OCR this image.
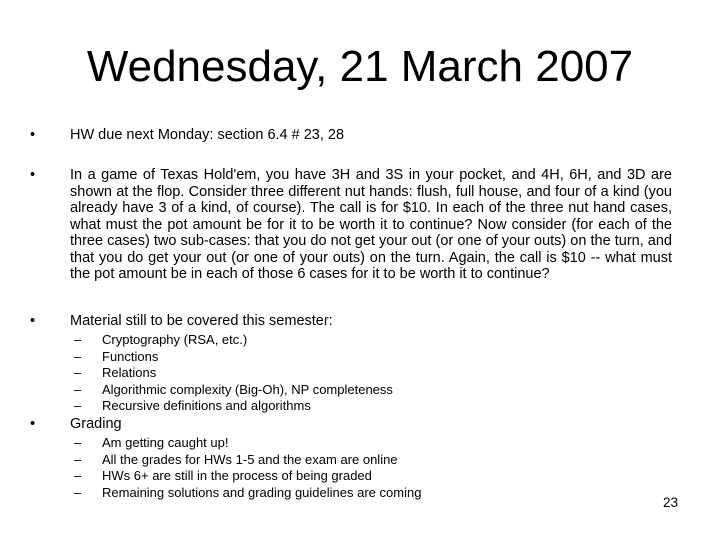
Wednesday, 21 March 2007
• HW due next Monday: section 6.4 # 23, 28
• In a game of Texas Hold'em, you have 3H and 3S in your pocket, and 4H, 6H, and 3D are shown at the flop. Consider three different nut hands: flush, full house, and four of a kind (you already have 3 of a kind, of course). The call is for $10. In each of the three nut hand cases, what must the pot amount be for it to be worth it to continue? Now consider (for each of the three cases) two sub-cases: that you do not get your out (or one of your outs) on the turn, and that you do get your out (or one of your outs) on the turn. Again, the call is $10 -- what must the pot amount be in each of those 6 cases for it to be worth it to continue?
• Material still to be covered this semester:
– Cryptography (RSA, etc.)
– Functions
– Relations
– Algorithmic complexity (Big-Oh), NP completeness
– Recursive definitions and algorithms
• Grading
– Am getting caught up!
– All the grades for HWs 1-5 and the exam are online
– HWs 6+ are still in the process of being graded
– Remaining solutions and grading guidelines are coming
23
